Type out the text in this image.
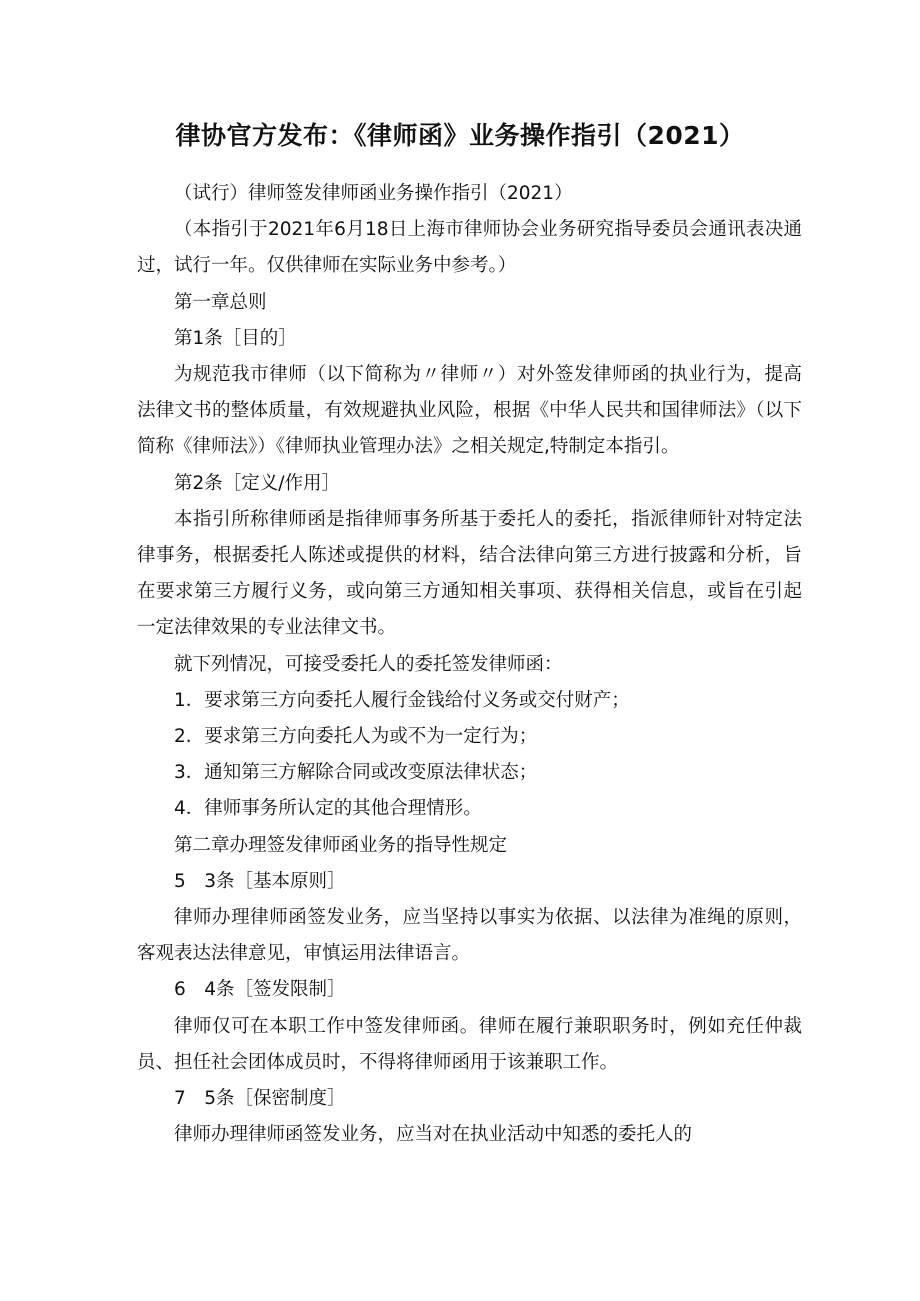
律协官方发布：《律师函》业务操作指引（2021）

（试行）律师签发律师函业务操作指引（2021）

（本指引于2021年6月18日上海市律师协会业务研究指导委员会通讯表决通过，试行一年。仅供律师在实际业务中参考。）

第一章总则

第1条［目的］

为规范我市律师（以下简称为〃律师〃）对外签发律师函的执业行为，提高法律文书的整体质量，有效规避执业风险，根据《中华人民共和国律师法》（以下简称《律师法》）《律师执业管理办法》之相关规定,特制定本指引。

第2条［定义/作用］

本指引所称律师函是指律师事务所基于委托人的委托，指派律师针对特定法律事务，根据委托人陈述或提供的材料，结合法律向第三方进行披露和分析，旨在要求第三方履行义务，或向第三方通知相关事项、获得相关信息，或旨在引起一定法律效果的专业法律文书。

就下列情况，可接受委托人的委托签发律师函：

1．要求第三方向委托人履行金钱给付义务或交付财产；

2．要求第三方向委托人为或不为一定行为；

3．通知第三方解除合同或改变原法律状态；

4．律师事务所认定的其他合理情形。

第二章办理签发律师函业务的指导性规定

5　3条［基本原则］

律师办理律师函签发业务，应当坚持以事实为依据、以法律为准绳的原则，客观表达法律意见，审慎运用法律语言。

6　4条［签发限制］

律师仅可在本职工作中签发律师函。律师在履行兼职职务时，例如充任仲裁员、担任社会团体成员时，不得将律师函用于该兼职工作。

7　5条［保密制度］

律师办理律师函签发业务，应当对在执业活动中知悉的委托人的
